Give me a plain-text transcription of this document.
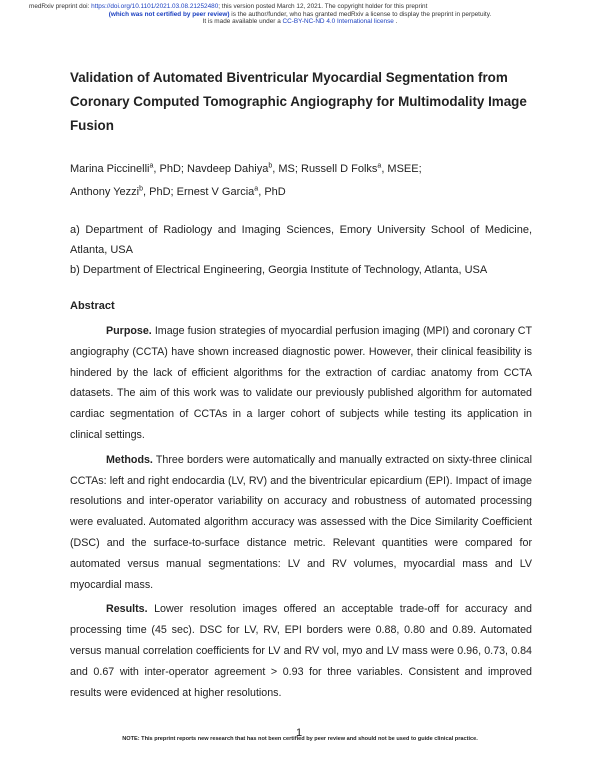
medRxiv preprint doi: https://doi.org/10.1101/2021.03.08.21252480; this version posted March 12, 2021. The copyright holder for this preprint
(which was not certified by peer review) is the author/funder, who has granted medRxiv a license to display the preprint in perpetuity.
It is made available under a CC-BY-NC-ND 4.0 International license .
Validation of Automated Biventricular Myocardial Segmentation from Coronary Computed Tomographic Angiography for Multimodality Image Fusion
Marina Piccinelli$^a$, PhD; Navdeep Dahiya$^b$, MS; Russell D Folks$^a$, MSEE;
Anthony Yezzi$^b$, PhD; Ernest V Garcia$^a$, PhD

a) Department of Radiology and Imaging Sciences, Emory University School of Medicine, Atlanta, USA

b) Department of Electrical Engineering, Georgia Institute of Technology, Atlanta, USA

Abstract

Purpose. Image fusion strategies of myocardial perfusion imaging (MPI) and coronary CT angiography (CCTA) have shown increased diagnostic power. However, their clinical feasibility is hindered by the lack of efficient algorithms for the extraction of cardiac anatomy from CCTA datasets. The aim of this work was to validate our previously published algorithm for automated cardiac segmentation of CCTAs in a larger cohort of subjects while testing its application in clinical settings.

Methods. Three borders were automatically and manually extracted on sixty-three clinical CCTAs: left and right endocardia (LV, RV) and the biventricular epicardium (EPI). Impact of image resolutions and inter-operator variability on accuracy and robustness of automated processing were evaluated. Automated algorithm accuracy was assessed with the Dice Similarity Coefficient (DSC) and the surface-to-surface distance metric. Relevant quantities were compared for automated versus manual segmentations: LV and RV volumes, myocardial mass and LV myocardial mass.

Results. Lower resolution images offered an acceptable trade-off for accuracy and processing time (45 sec). DSC for LV, RV, EPI borders were 0.88, 0.80 and 0.89. Automated versus manual correlation coefficients for LV and RV vol, myo and LV mass were 0.96, 0.73, 0.84 and 0.67 with inter-operator agreement > 0.93 for three variables. Consistent and improved results were evidenced at higher resolutions.

1
NOTE: This preprint reports new research that has not been certified by peer review and should not be used to guide clinical practice.
